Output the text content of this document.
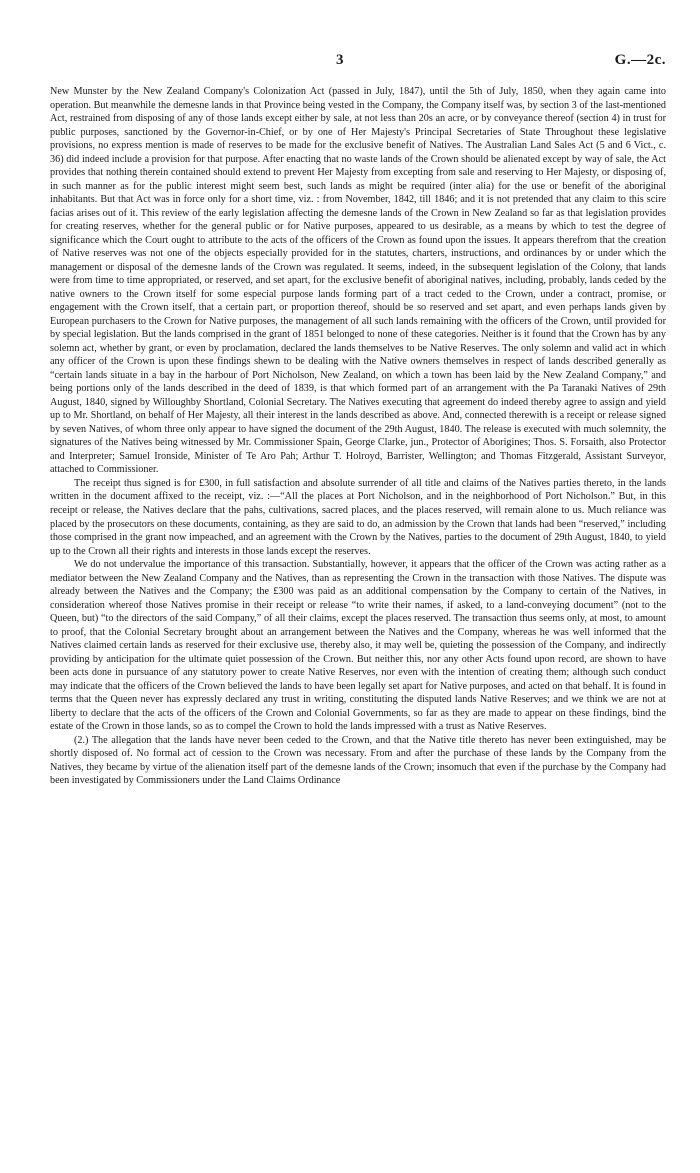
3	G.—2c.

New Munster by the New Zealand Company's Colonization Act (passed in July, 1847), until the 5th of July, 1850, when they again came into operation. But meanwhile the demesne lands in that Province being vested in the Company, the Company itself was, by section 3 of the last-mentioned Act, restrained from disposing of any of those lands except either by sale, at not less than 20s an acre, or by conveyance thereof (section 4) in trust for public purposes, sanctioned by the Governor-in-Chief, or by one of Her Majesty's Principal Secretaries of State Throughout these legislative provisions, no express mention is made of reserves to be made for the exclusive benefit of Natives. The Australian Land Sales Act (5 and 6 Vict., c. 36) did indeed include a provision for that purpose. After enacting that no waste lands of the Crown should be alienated except by way of sale, the Act provides that nothing therein contained should extend to prevent Her Majesty from excepting from sale and reserving to Her Majesty, or disposing of, in such manner as for the public interest might seem best, such lands as might be required (inter alia) for the use or benefit of the aboriginal inhabitants. But that Act was in force only for a short time, viz. : from November, 1842, till 1846; and it is not pretended that any claim to this scire facias arises out of it. This review of the early legislation affecting the demesne lands of the Crown in New Zealand so far as that legislation provides for creating reserves, whether for the general public or for Native purposes, appeared to us desirable, as a means by which to test the degree of significance which the Court ought to attribute to the acts of the officers of the Crown as found upon the issues. It appears therefrom that the creation of Native reserves was not one of the objects especially provided for in the statutes, charters, instructions, and ordinances by or under which the management or disposal of the demesne lands of the Crown was regulated. It seems, indeed, in the subsequent legislation of the Colony, that lands were from time to time appropriated, or reserved, and set apart, for the exclusive benefit of aboriginal natives, including, probably, lands ceded by the native owners to the Crown itself for some especial purpose lands forming part of a tract ceded to the Crown, under a contract, promise, or engagement with the Crown itself, that a certain part, or proportion thereof, should be so reserved and set apart, and even perhaps lands given by European purchasers to the Crown for Native purposes, the management of all such lands remaining with the officers of the Crown, until provided for by special legislation. But the lands comprised in the grant of 1851 belonged to none of these categories. Neither is it found that the Crown has by any solemn act, whether by grant, or even by proclamation, declared the lands themselves to be Native Reserves. The only solemn and valid act in which any officer of the Crown is upon these findings shewn to be dealing with the Native owners themselves in respect of lands described generally as “certain lands situate in a bay in the harbour of Port Nicholson, New Zealand, on which a town has been laid by the New Zealand Company,” and being portions only of the lands described in the deed of 1839, is that which formed part of an arrangement with the Pa Taranaki Natives of 29th August, 1840, signed by Willoughby Shortland, Colonial Secretary. The Natives executing that agreement do indeed thereby agree to assign and yield up to Mr. Shortland, on behalf of Her Majesty, all their interest in the lands described as above. And, connected therewith is a receipt or release signed by seven Natives, of whom three only appear to have signed the document of the 29th August, 1840. The release is executed with much solemnity, the signatures of the Natives being witnessed by Mr. Commissioner Spain, George Clarke, jun., Protector of Aborigines; Thos. S. Forsaith, also Protector and Interpreter; Samuel Ironside, Minister of Te Aro Pah; Arthur T. Holroyd, Barrister, Wellington; and Thomas Fitzgerald, Assistant Surveyor, attached to Commissioner.

The receipt thus signed is for £300, in full satisfaction and absolute surrender of all title and claims of the Natives parties thereto, in the lands written in the document affixed to the receipt, viz. :—“All the places at Port Nicholson, and in the neighborhood of Port Nicholson.” But, in this receipt or release, the Natives declare that the pahs, cultivations, sacred places, and the places reserved, will remain alone to us. Much reliance was placed by the prosecutors on these documents, containing, as they are said to do, an admission by the Crown that lands had been “reserved,” including those comprised in the grant now impeached, and an agreement with the Crown by the Natives, parties to the document of 29th August, 1840, to yield up to the Crown all their rights and interests in those lands except the reserves.

We do not undervalue the importance of this transaction. Substantially, however, it appears that the officer of the Crown was acting rather as a mediator between the New Zealand Company and the Natives, than as representing the Crown in the transaction with those Natives. The dispute was already between the Natives and the Company; the £300 was paid as an additional compensation by the Company to certain of the Natives, in consideration whereof those Natives promise in their receipt or release “to write their names, if asked, to a land-conveying document” (not to the Queen, but) “to the directors of the said Company,” of all their claims, except the places reserved. The transaction thus seems only, at most, to amount to proof, that the Colonial Secretary brought about an arrangement between the Natives and the Company, whereas he was well informed that the Natives claimed certain lands as reserved for their exclusive use, thereby also, it may well be, quieting the possession of the Company, and indirectly providing by anticipation for the ultimate quiet possession of the Crown. But neither this, nor any other Acts found upon record, are shown to have been acts done in pursuance of any statutory power to create Native Reserves, nor even with the intention of creating them; although such conduct may indicate that the officers of the Crown believed the lands to have been legally set apart for Native purposes, and acted on that behalf. It is found in terms that the Queen never has expressly declared any trust in writing, constituting the disputed lands Native Reserves; and we think we are not at liberty to declare that the acts of the officers of the Crown and Colonial Governments, so far as they are made to appear on these findings, bind the estate of the Crown in those lands, so as to compel the Crown to hold the lands impressed with a trust as Native Reserves.

(2.) The allegation that the lands have never been ceded to the Crown, and that the Native title thereto has never been extinguished, may be shortly disposed of. No formal act of cession to the Crown was necessary. From and after the purchase of these lands by the Company from the Natives, they became by virtue of the alienation itself part of the demesne lands of the Crown; insomuch that even if the purchase by the Company had been investigated by Commissioners under the Land Claims Ordinance
